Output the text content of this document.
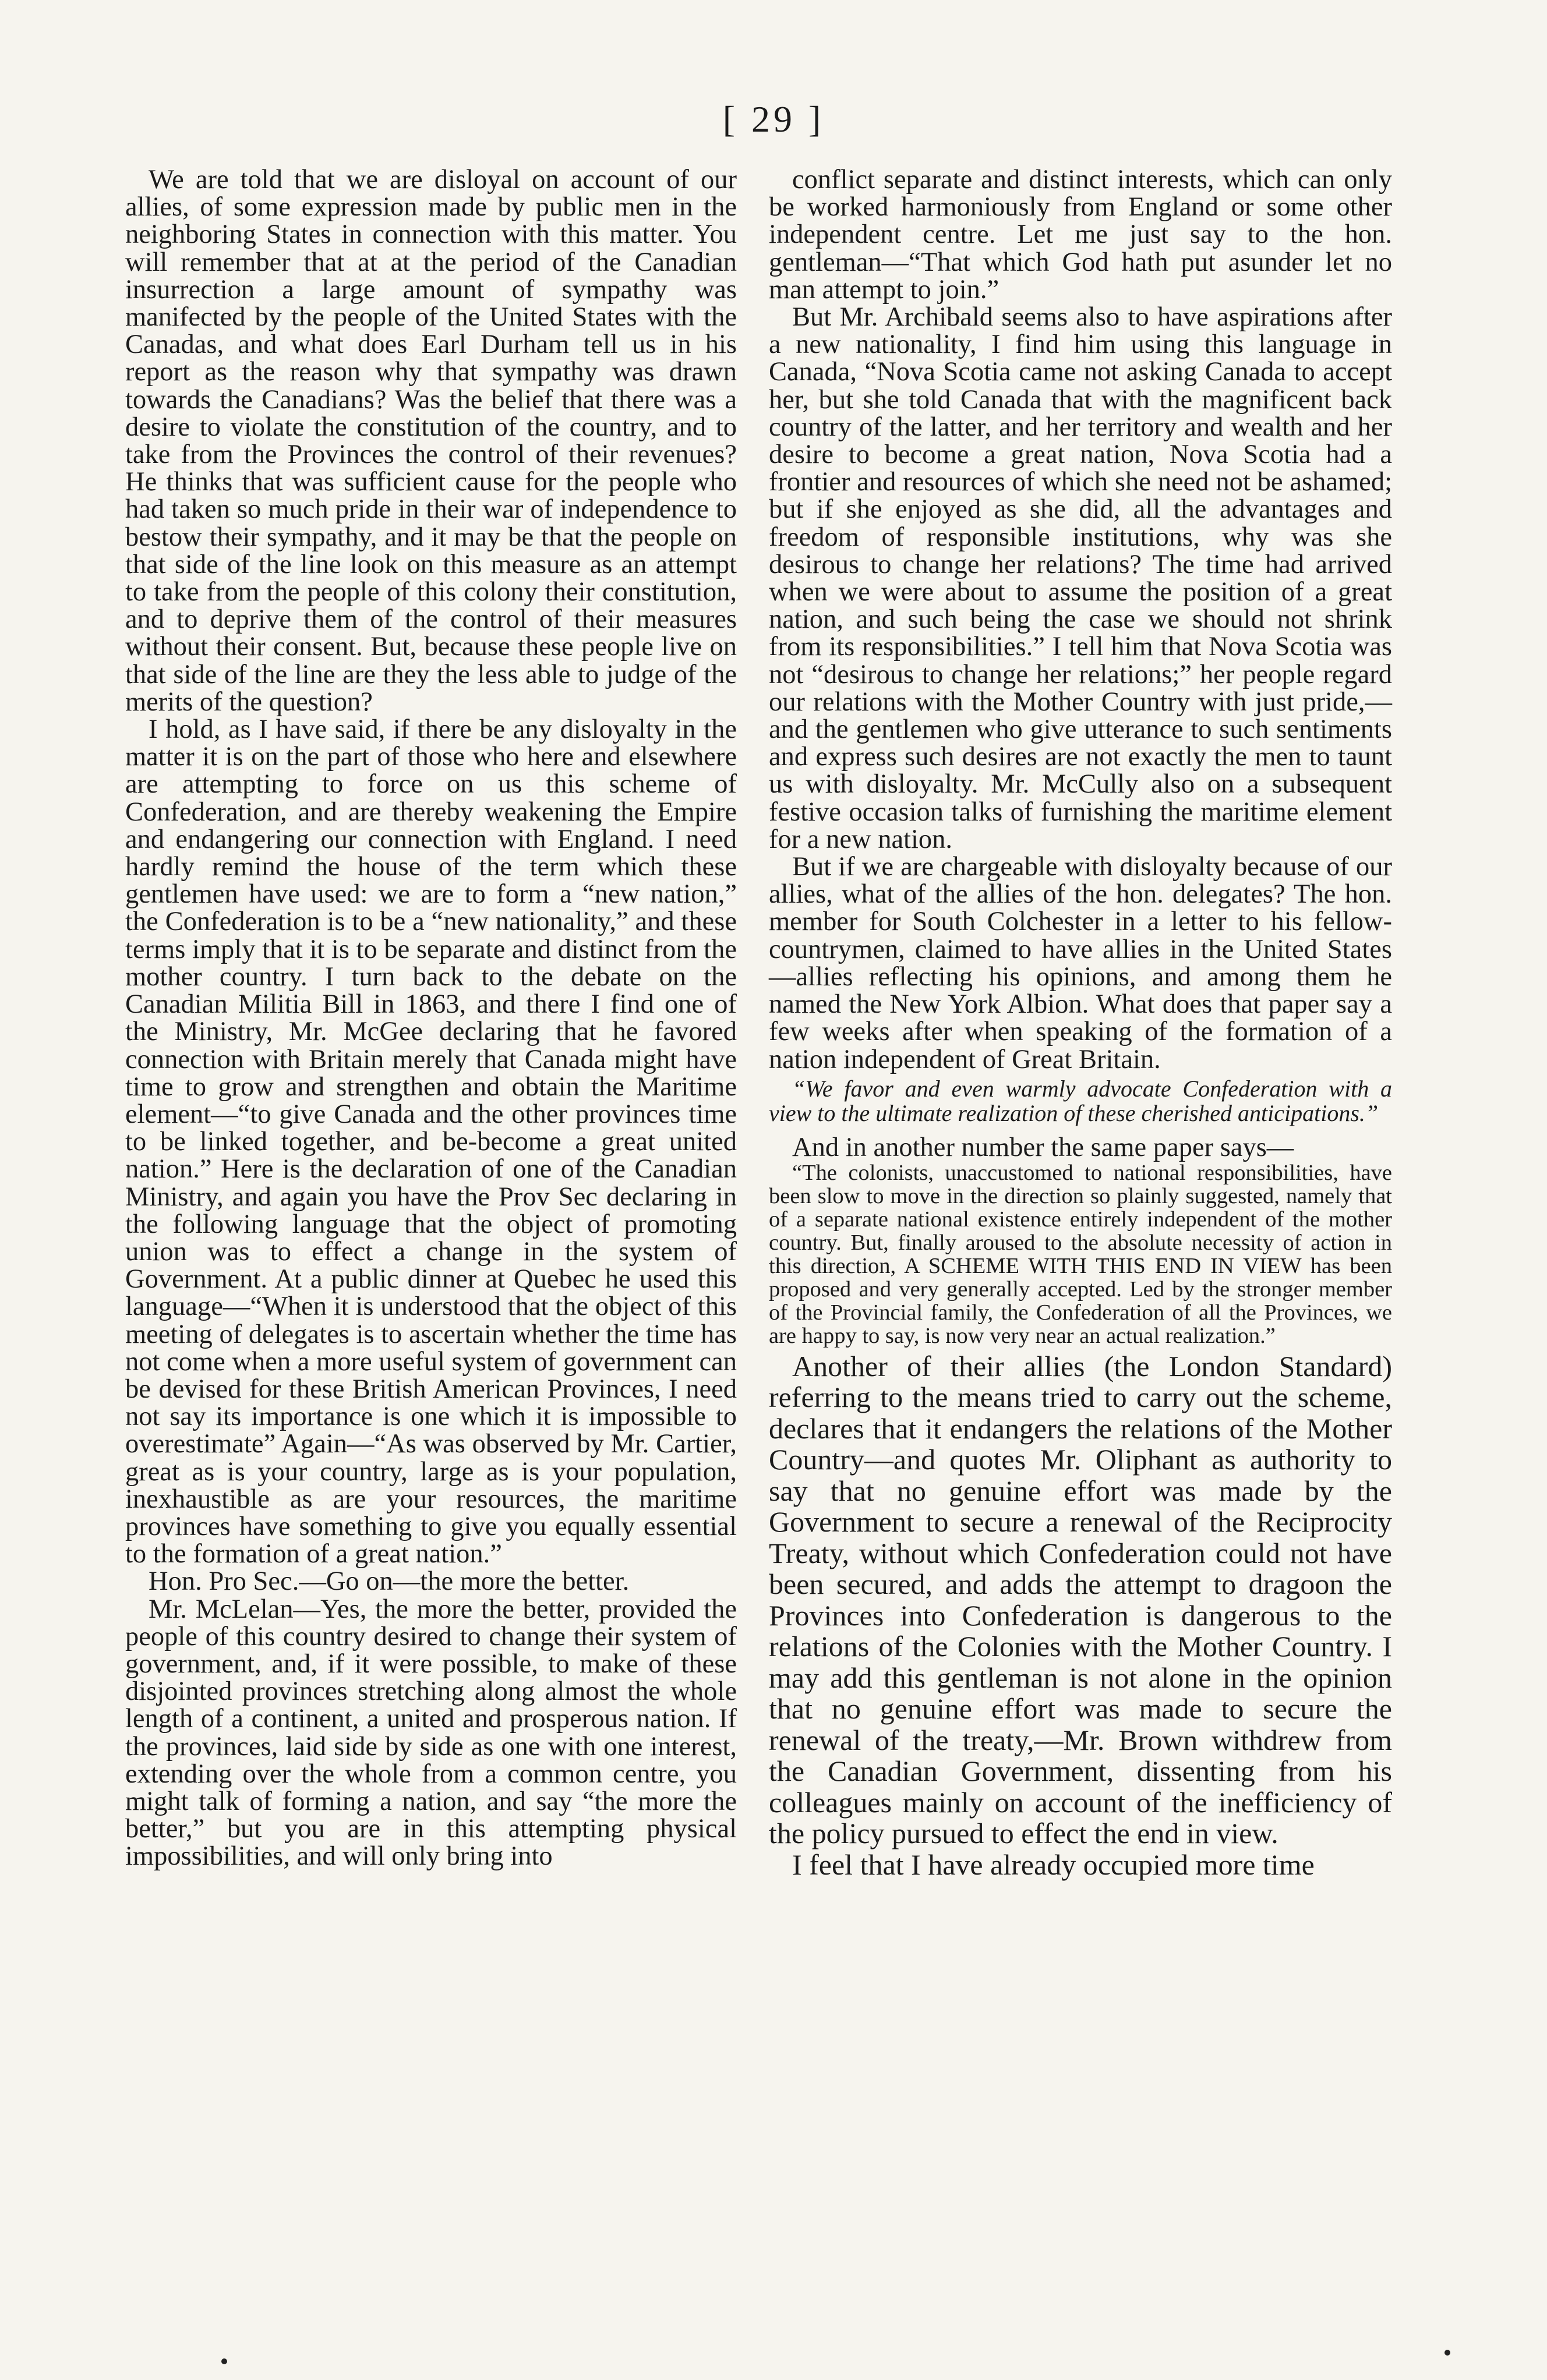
[ 29 ]

We are told that we are disloyal on account of our allies, of some expression made by public men in the neighboring States in connection with this matter. You will remember that at at the period of the Canadian insurrection a large amount of sympathy was manifected by the people of the United States with the Canadas, and what does Earl Durham tell us in his report as the reason why that sympathy was drawn towards the Canadians? Was the belief that there was a desire to violate the constitution of the country, and to take from the Provinces the control of their revenues? He thinks that was sufficient cause for the people who had taken so much pride in their war of independence to bestow their sympathy, and it may be that the people on that side of the line look on this measure as an attempt to take from the people of this colony their constitution, and to deprive them of the control of their measures without their consent. But, because these people live on that side of the line are they the less able to judge of the merits of the question?

I hold, as I have said, if there be any disloyalty in the matter it is on the part of those who here and elsewhere are attempting to force on us this scheme of Confederation, and are thereby weakening the Empire and endangering our connection with England. I need hardly remind the house of the term which these gentlemen have used: we are to form a “new nation,” the Confederation is to be a “new nationality,” and these terms imply that it is to be separate and distinct from the mother country. I turn back to the debate on the Canadian Militia Bill in 1863, and there I find one of the Ministry, Mr. McGee declaring that he favored connection with Britain merely that Canada might have time to grow and strengthen and obtain the Maritime element—“to give Canada and the other provinces time to be linked together, and be-become a great united nation.” Here is the declaration of one of the Canadian Ministry, and again you have the Prov Sec declaring in the following language that the object of promoting union was to effect a change in the system of Government. At a public dinner at Quebec he used this language—“When it is understood that the object of this meeting of delegates is to ascertain whether the time has not come when a more useful system of government can be devised for these British American Provinces, I need not say its importance is one which it is impossible to overestimate” Again—“As was observed by Mr. Cartier, great as is your country, large as is your population, inexhaustible as are your resources, the maritime provinces have something to give you equally essential to the formation of a great nation.”

Hon. Pro Sec.—Go on—the more the better.

Mr. McLelan—Yes, the more the better, provided the people of this country desired to change their system of government, and, if it were possible, to make of these disjointed provinces stretching along almost the whole length of a continent, a united and prosperous nation. If the provinces, laid side by side as one with one interest, extending over the whole from a common centre, you might talk of forming a nation, and say “the more the better,” but you are in this attempting physical impossibilities, and will only bring into

conflict separate and distinct interests, which can only be worked harmoniously from England or some other independent centre. Let me just say to the hon. gentleman—“That which God hath put asunder let no man attempt to join.”

But Mr. Archibald seems also to have aspirations after a new nationality, I find him using this language in Canada, “Nova Scotia came not asking Canada to accept her, but she told Canada that with the magnificent back country of the latter, and her territory and wealth and her desire to become a great nation, Nova Scotia had a frontier and resources of which she need not be ashamed; but if she enjoyed as she did, all the advantages and freedom of responsible institutions, why was she desirous to change her relations? The time had arrived when we were about to assume the position of a great nation, and such being the case we should not shrink from its responsibilities.” I tell him that Nova Scotia was not “desirous to change her relations;” her people regard our relations with the Mother Country with just pride,—and the gentlemen who give utterance to such sentiments and express such desires are not exactly the men to taunt us with disloyalty. Mr. McCully also on a subsequent festive occasion talks of furnishing the maritime element for a new nation.

But if we are chargeable with disloyalty because of our allies, what of the allies of the hon. delegates? The hon. member for South Colchester in a letter to his fellow-countrymen, claimed to have allies in the United States—allies reflecting his opinions, and among them he named the New York Albion. What does that paper say a few weeks after when speaking of the formation of a nation independent of Great Britain.

“We favor and even warmly advocate Confederation with a view to the ultimate realization of these cherished anticipations.”

And in another number the same paper says—

“The colonists, unaccustomed to national responsibilities, have been slow to move in the direction so plainly suggested, namely that of a separate national existence entirely independent of the mother country. But, finally aroused to the absolute necessity of action in this direction, A SCHEME WITH THIS END IN VIEW has been proposed and very generally accepted. Led by the stronger member of the Provincial family, the Confederation of all the Provinces, we are happy to say, is now very near an actual realization.”

Another of their allies (the London Standard) referring to the means tried to carry out the scheme, declares that it endangers the relations of the Mother Country—and quotes Mr. Oliphant as authority to say that no genuine effort was made by the Government to secure a renewal of the Reciprocity Treaty, without which Confederation could not have been secured, and adds the attempt to dragoon the Provinces into Confederation is dangerous to the relations of the Colonies with the Mother Country. I may add this gentleman is not alone in the opinion that no genuine effort was made to secure the renewal of the treaty,—Mr. Brown withdrew from the Canadian Government, dissenting from his colleagues mainly on account of the inefficiency of the policy pursued to effect the end in view.

I feel that I have already occupied more time
